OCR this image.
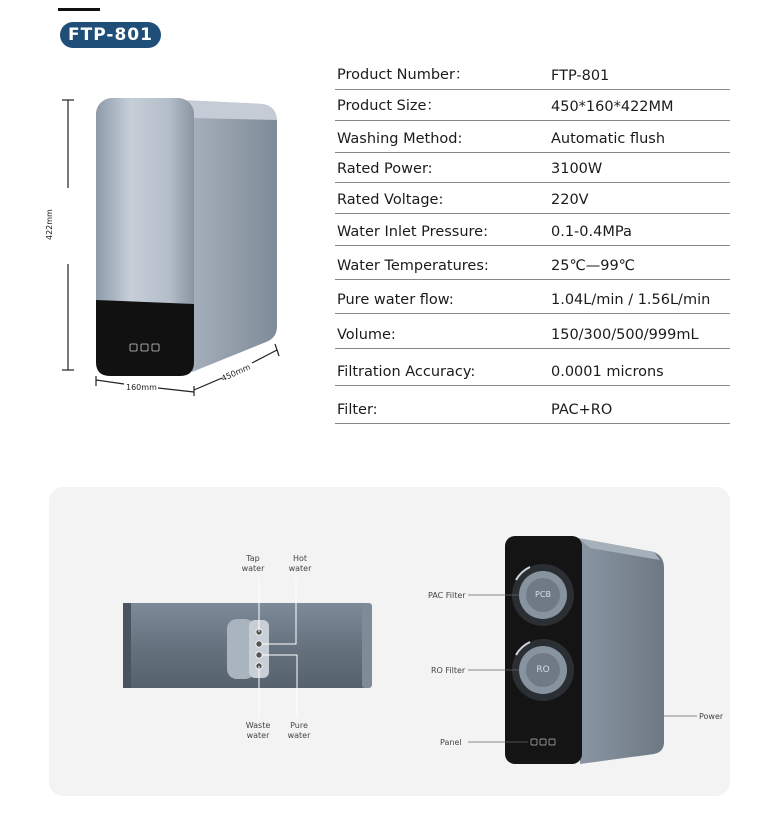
FTP-801
422mm
160mm
450mm
Product Number：	FTP-801
Product Size：	450*160*422MM
Washing Method:	Automatic flush
Rated Power:	3100W
Rated Voltage:	220V
Water Inlet Pressure:	0.1-0.4MPa
Water Temperatures:	25℃—99℃
Pure water flow:	1.04L/min / 1.56L/min
Volume:	150/300/500/999mL
Filtration Accuracy:	0.0001 microns
Filter:	PAC+RO
Tap water
Hot water
Waste water
Pure water
PAC Filter
RO Filter
Panel
Power
PCB
RO
